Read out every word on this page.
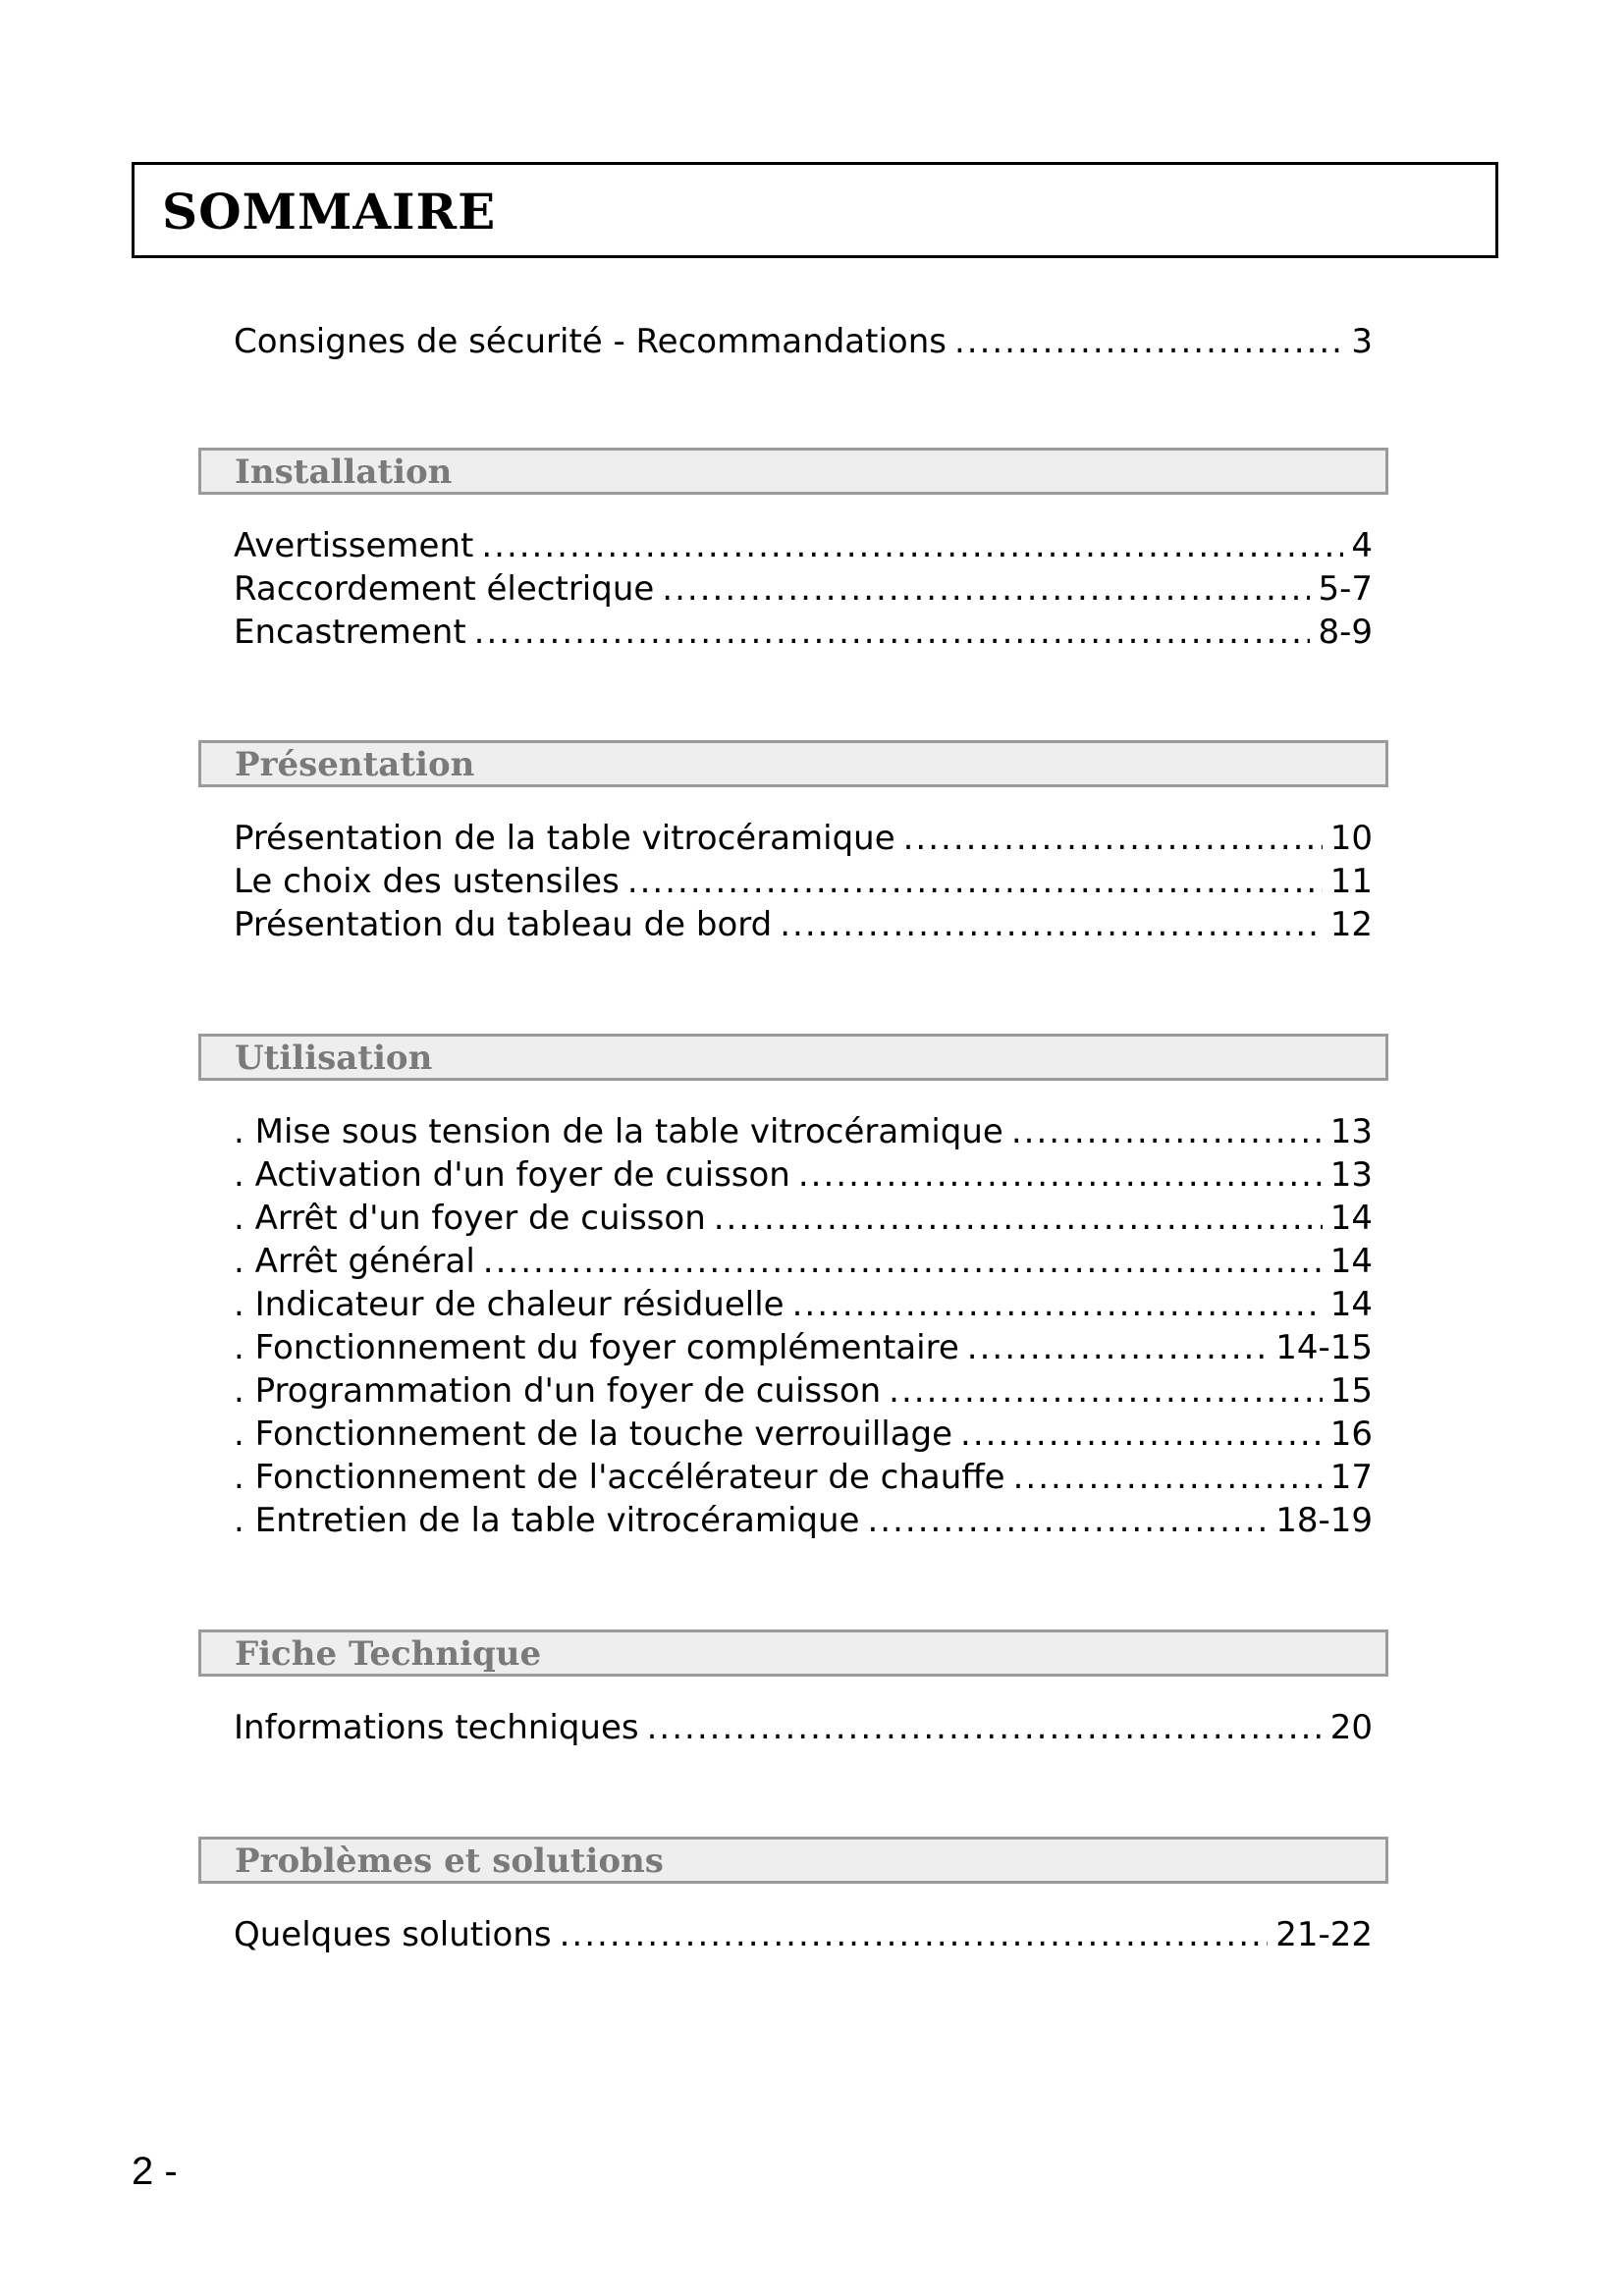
SOMMAIRE
Consignes de sécurité - Recommandations .....	3
Installation
Avertissement .....	4
Raccordement électrique .....	5-7
Encastrement .....	8-9
Présentation
Présentation de la table vitrocéramique .....	10
Le choix des ustensiles .....	11
Présentation du tableau de bord .....	12
Utilisation
. Mise sous tension de la table vitrocéramique .....	13
. Activation d'un foyer de cuisson .....	13
. Arrêt d'un foyer de cuisson .....	14
. Arrêt général .....	14
. Indicateur de chaleur résiduelle .....	14
. Fonctionnement du foyer complémentaire .....	14-15
. Programmation d'un foyer de cuisson .....	15
. Fonctionnement de la touche verrouillage .....	16
. Fonctionnement de l'accélérateur de chauffe .....	17
. Entretien de la table vitrocéramique .....	18-19
Fiche Technique
Informations techniques .....	20
Problèmes et solutions
Quelques solutions .....	21-22
2 -
